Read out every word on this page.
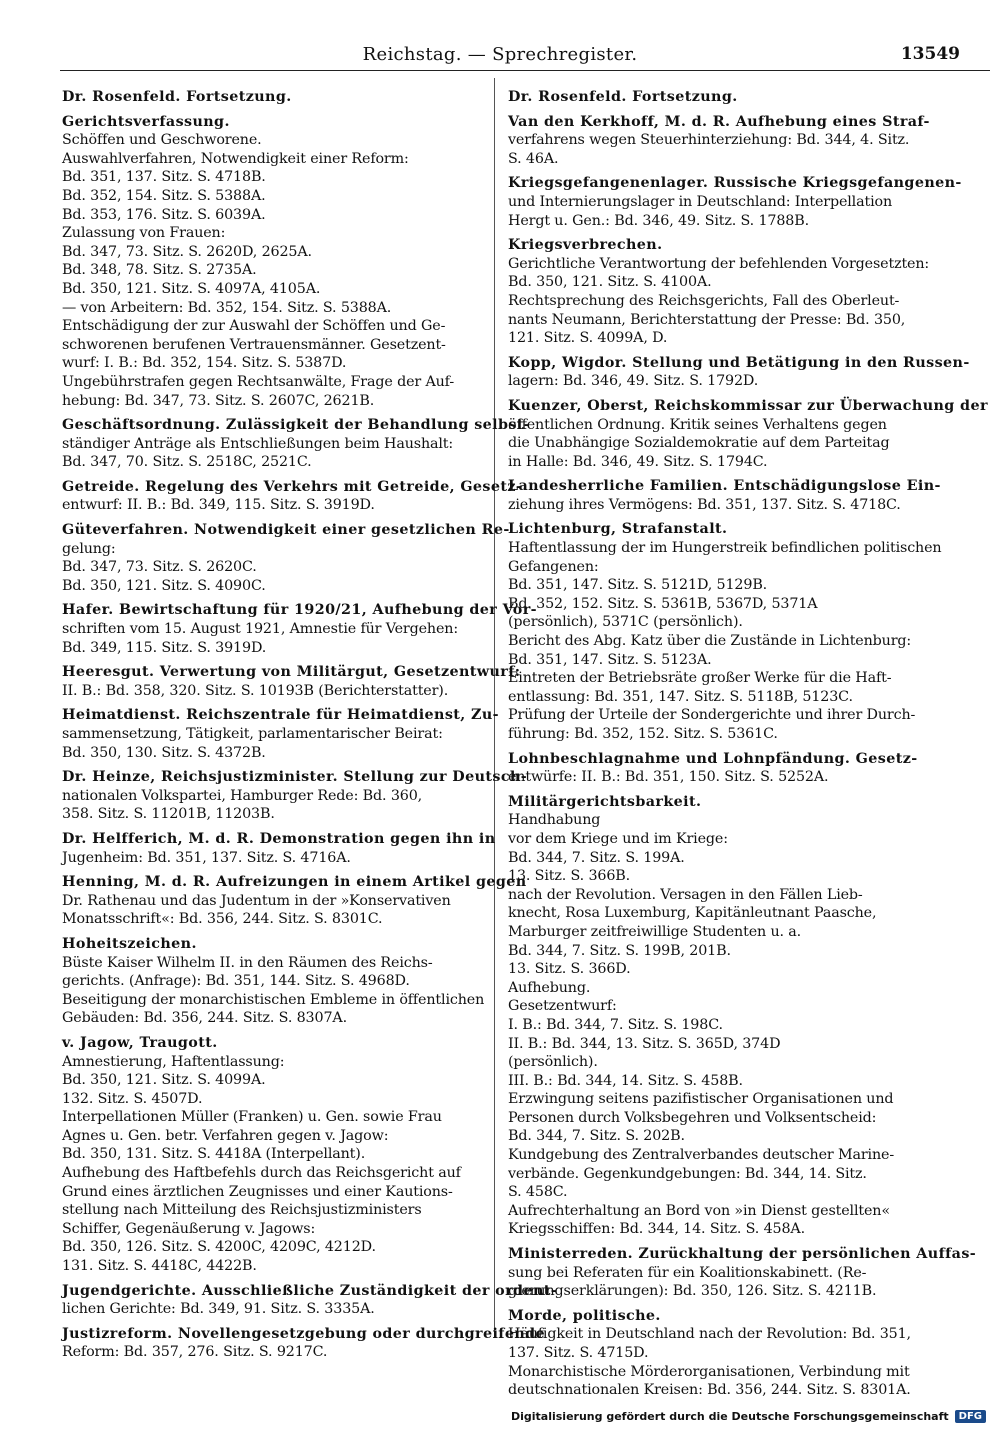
Reichstag. — Sprechregister.	13549
Dr. Rosenfeld. Fortsetzung.
Gerichtsverfassung.
Schöffen und Geschworene.
Auswahlverfahren, Notwendigkeit einer Reform:
Bd. 351, 137. Sitz. S. 4718B.
Bd. 352, 154. Sitz. S. 5388A.
Bd. 353, 176. Sitz. S. 6039A.
Zulassung von Frauen:
Bd. 347, 73. Sitz. S. 2620D, 2625A.
Bd. 348, 78. Sitz. S. 2735A.
Bd. 350, 121. Sitz. S. 4097A, 4105A.
— von Arbeitern: Bd. 352, 154. Sitz. S. 5388A.
Entschädigung der zur Auswahl der Schöffen und Ge-
schworenen berufenen Vertrauensmänner. Gesetzent-
wurf: I. B.: Bd. 352, 154. Sitz. S. 5387D.
Ungebührstrafen gegen Rechtsanwälte, Frage der Auf-
hebung: Bd. 347, 73. Sitz. S. 2607C, 2621B.
Geschäftsordnung. Zulässigkeit der Behandlung selbst-
ständiger Anträge als Entschließungen beim Haushalt:
Bd. 347, 70. Sitz. S. 2518C, 2521C.
Getreide. Regelung des Verkehrs mit Getreide, Gesetz-
entwurf: II. B.: Bd. 349, 115. Sitz. S. 3919D.
Güteverfahren. Notwendigkeit einer gesetzlichen Re-
gelung:
Bd. 347, 73. Sitz. S. 2620C.
Bd. 350, 121. Sitz. S. 4090C.
Hafer. Bewirtschaftung für 1920/21, Aufhebung der Vor-
schriften vom 15. August 1921, Amnestie für Vergehen:
Bd. 349, 115. Sitz. S. 3919D.
Heeresgut. Verwertung von Militärgut, Gesetzentwurf:
II. B.: Bd. 358, 320. Sitz. S. 10193B (Berichterstatter).
Heimatdienst. Reichszentrale für Heimatdienst, Zu-
sammensetzung, Tätigkeit, parlamentarischer Beirat:
Bd. 350, 130. Sitz. S. 4372B.
Dr. Heinze, Reichsjustizminister. Stellung zur Deutsch-
nationalen Volkspartei, Hamburger Rede: Bd. 360,
358. Sitz. S. 11201B, 11203B.
Dr. Helfferich, M. d. R. Demonstration gegen ihn in
Jugenheim: Bd. 351, 137. Sitz. S. 4716A.
Henning, M. d. R. Aufreizungen in einem Artikel gegen
Dr. Rathenau und das Judentum in der »Konservativen
Monatsschrift«: Bd. 356, 244. Sitz. S. 8301C.
Hoheitszeichen.
Büste Kaiser Wilhelm II. in den Räumen des Reichs-
gerichts. (Anfrage): Bd. 351, 144. Sitz. S. 4968D.
Beseitigung der monarchistischen Embleme in öffentlichen
Gebäuden: Bd. 356, 244. Sitz. S. 8307A.
v. Jagow, Traugott.
Amnestierung, Haftentlassung:
Bd. 350, 121. Sitz. S. 4099A.
132. Sitz. S. 4507D.
Interpellationen Müller (Franken) u. Gen. sowie Frau
Agnes u. Gen. betr. Verfahren gegen v. Jagow:
Bd. 350, 131. Sitz. S. 4418A (Interpellant).
Aufhebung des Haftbefehls durch das Reichsgericht auf
Grund eines ärztlichen Zeugnisses und einer Kautions-
stellung nach Mitteilung des Reichsjustizministers
Schiffer, Gegenäußerung v. Jagows:
Bd. 350, 126. Sitz. S. 4200C, 4209C, 4212D.
131. Sitz. S. 4418C, 4422B.
Jugendgerichte. Ausschließliche Zuständigkeit der ordent-
lichen Gerichte: Bd. 349, 91. Sitz. S. 3335A.
Justizreform. Novellengesetzgebung oder durchgreifende
Reform: Bd. 357, 276. Sitz. S. 9217C.
Dr. Rosenfeld. Fortsetzung.
Van den Kerkhoff, M. d. R. Aufhebung eines Straf-
verfahrens wegen Steuerhinterziehung: Bd. 344, 4. Sitz.
S. 46A.
Kriegsgefangenenlager. Russische Kriegsgefangenen-
und Internierungslager in Deutschland: Interpellation
Hergt u. Gen.: Bd. 346, 49. Sitz. S. 1788B.
Kriegsverbrechen.
Gerichtliche Verantwortung der befehlenden Vorgesetzten:
Bd. 350, 121. Sitz. S. 4100A.
Rechtsprechung des Reichsgerichts, Fall des Oberleut-
nants Neumann, Berichterstattung der Presse: Bd. 350,
121. Sitz. S. 4099A, D.
Kopp, Wigdor. Stellung und Betätigung in den Russen-
lagern: Bd. 346, 49. Sitz. S. 1792D.
Kuenzer, Oberst, Reichskommissar zur Überwachung der
öffentlichen Ordnung. Kritik seines Verhaltens gegen
die Unabhängige Sozialdemokratie auf dem Parteitag
in Halle: Bd. 346, 49. Sitz. S. 1794C.
Landesherrliche Familien. Entschädigungslose Ein-
ziehung ihres Vermögens: Bd. 351, 137. Sitz. S. 4718C.
Lichtenburg, Strafanstalt.
Haftentlassung der im Hungerstreik befindlichen politischen
Gefangenen:
Bd. 351, 147. Sitz. S. 5121D, 5129B.
Bd. 352, 152. Sitz. S. 5361B, 5367D, 5371A
(persönlich), 5371C (persönlich).
Bericht des Abg. Katz über die Zustände in Lichtenburg:
Bd. 351, 147. Sitz. S. 5123A.
Eintreten der Betriebsräte großer Werke für die Haft-
entlassung: Bd. 351, 147. Sitz. S. 5118B, 5123C.
Prüfung der Urteile der Sondergerichte und ihrer Durch-
führung: Bd. 352, 152. Sitz. S. 5361C.
Lohnbeschlagnahme und Lohnpfändung. Gesetz-
entwürfe: II. B.: Bd. 351, 150. Sitz. S. 5252A.
Militärgerichtsbarkeit.
Handhabung
vor dem Kriege und im Kriege:
Bd. 344, 7. Sitz. S. 199A.
13. Sitz. S. 366B.
nach der Revolution. Versagen in den Fällen Lieb-
knecht, Rosa Luxemburg, Kapitänleutnant Paasche,
Marburger zeitfreiwillige Studenten u. a.
Bd. 344, 7. Sitz. S. 199B, 201B.
13. Sitz. S. 366D.
Aufhebung.
Gesetzentwurf:
I. B.: Bd. 344, 7. Sitz. S. 198C.
II. B.: Bd. 344, 13. Sitz. S. 365D, 374D
(persönlich).
III. B.: Bd. 344, 14. Sitz. S. 458B.
Erzwingung seitens pazifistischer Organisationen und
Personen durch Volksbegehren und Volksentscheid:
Bd. 344, 7. Sitz. S. 202B.
Kundgebung des Zentralverbandes deutscher Marine-
verbände. Gegenkundgebungen: Bd. 344, 14. Sitz.
S. 458C.
Aufrechterhaltung an Bord von »in Dienst gestellten«
Kriegsschiffen: Bd. 344, 14. Sitz. S. 458A.
Ministerreden. Zurückhaltung der persönlichen Auffas-
sung bei Referaten für ein Koalitionskabinett. (Re-
gierungserklärungen): Bd. 350, 126. Sitz. S. 4211B.
Morde, politische.
Häufigkeit in Deutschland nach der Revolution: Bd. 351,
137. Sitz. S. 4715D.
Monarchistische Mörderorganisationen, Verbindung mit
deutschnationalen Kreisen: Bd. 356, 244. Sitz. S. 8301A.
Digitalisierung gefördert durch die Deutsche Forschungsgemeinschaft	DFG
